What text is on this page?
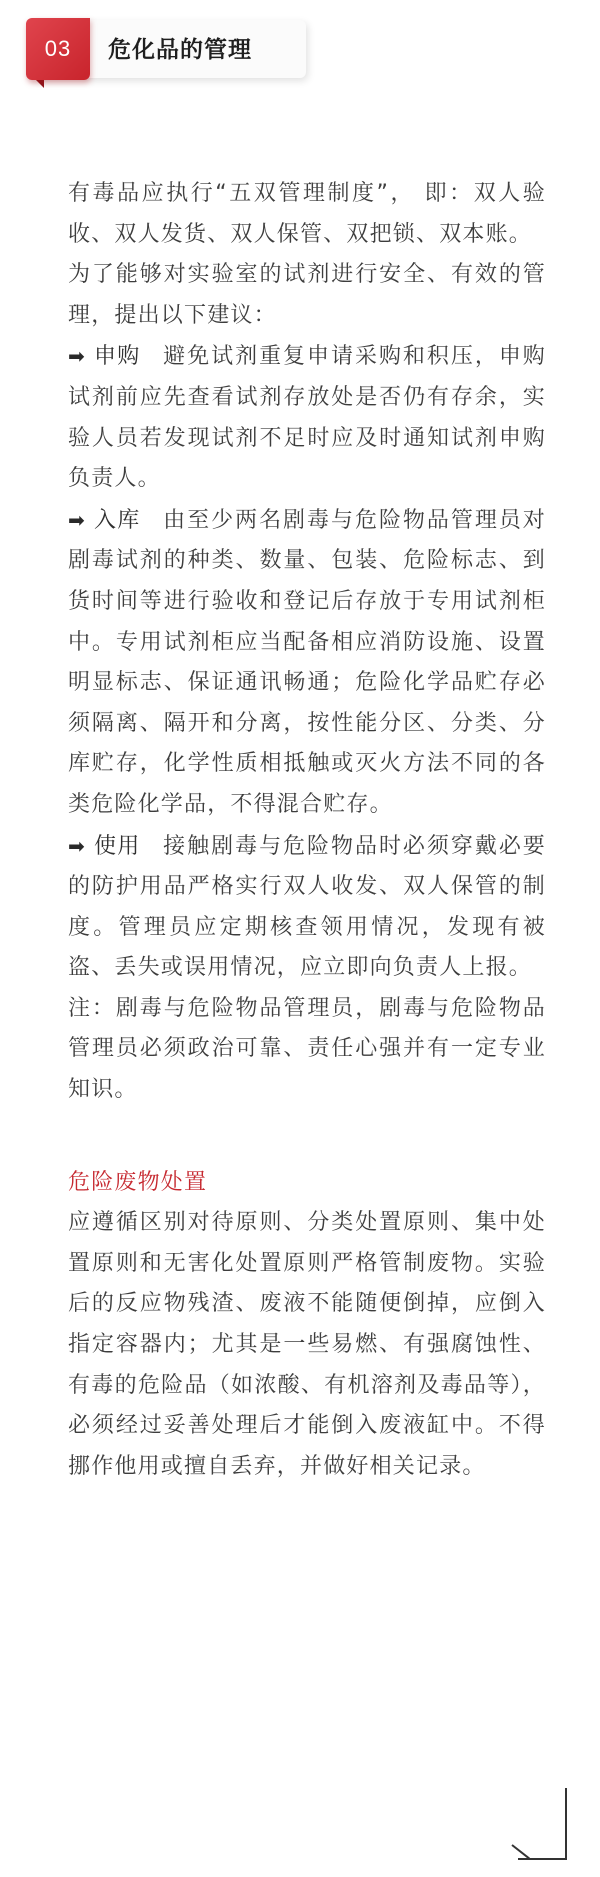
03	危化品的管理

有毒品应执行“五双管理制度”， 即：双人验收、双人发货、双人保管、双把锁、双本账。

为了能够对实验室的试剂进行安全、有效的管理，提出以下建议：

➡ 申购 避免试剂重复申请采购和积压，申购试剂前应先查看试剂存放处是否仍有存余，实验人员若发现试剂不足时应及时通知试剂申购负责人。

➡ 入库 由至少两名剧毒与危险物品管理员对剧毒试剂的种类、数量、包装、危险标志、到货时间等进行验收和登记后存放于专用试剂柜中。专用试剂柜应当配备相应消防设施、设置明显标志、保证通讯畅通；危险化学品贮存必须隔离、隔开和分离，按性能分区、分类、分库贮存，化学性质相抵触或灭火方法不同的各类危险化学品，不得混合贮存。

➡ 使用 接触剧毒与危险物品时必须穿戴必要的防护用品严格实行双人收发、双人保管的制度。管理员应定期核查领用情况，发现有被盗、丢失或误用情况，应立即向负责人上报。

注：剧毒与危险物品管理员，剧毒与危险物品管理员必须政治可靠、责任心强并有一定专业知识。

危险废物处置

应遵循区别对待原则、分类处置原则、集中处置原则和无害化处置原则严格管制废物。实验后的反应物残渣、废液不能随便倒掉，应倒入指定容器内；尤其是一些易燃、有强腐蚀性、有毒的危险品（如浓酸、有机溶剂及毒品等），必须经过妥善处理后才能倒入废液缸中。不得挪作他用或擅自丢弃，并做好相关记录。
